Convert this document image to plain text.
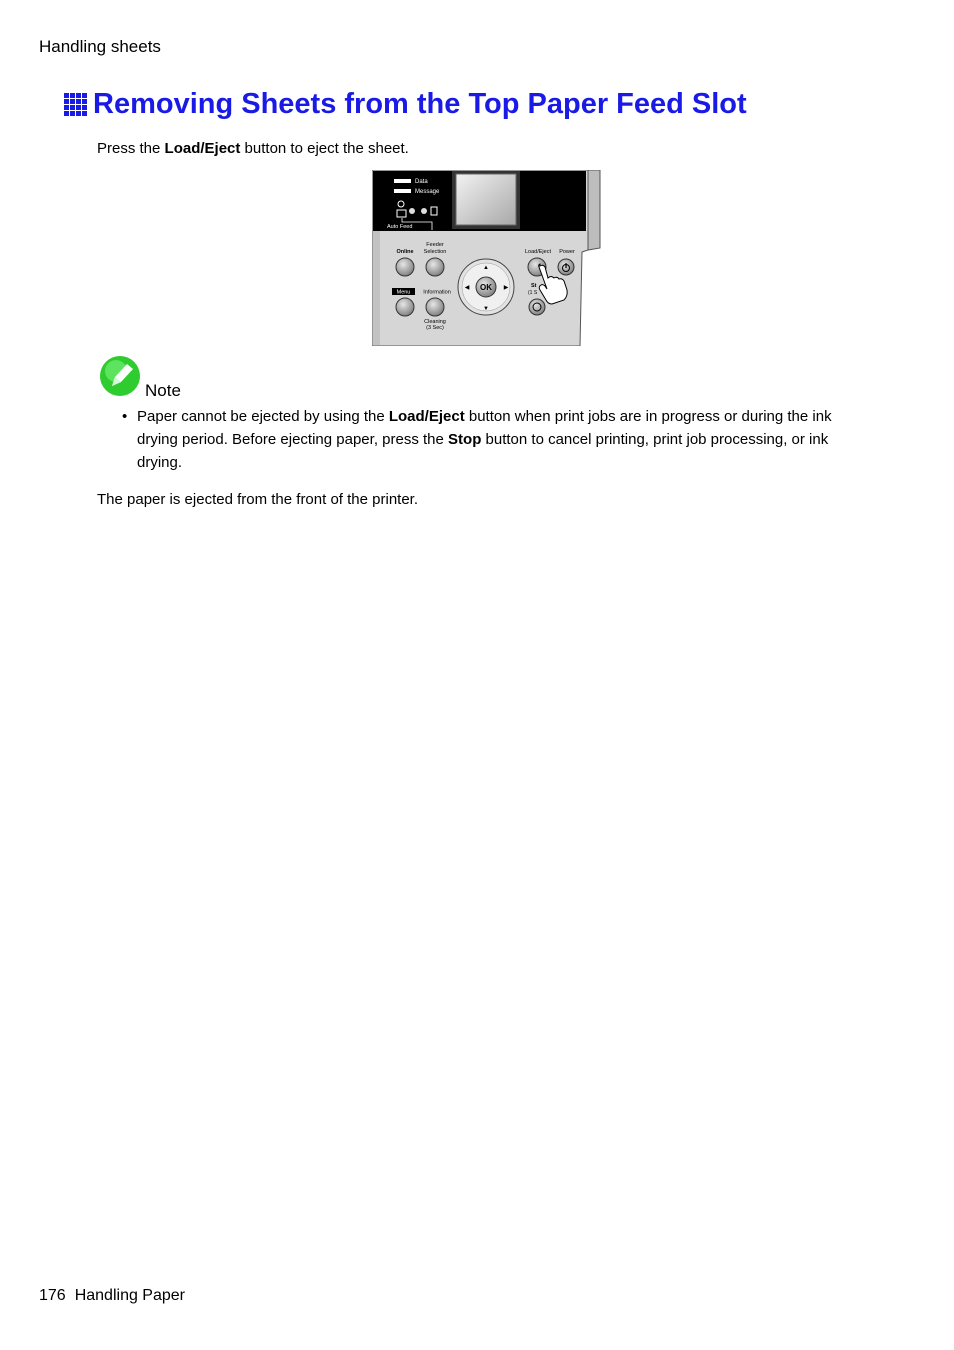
Handling sheets
Removing Sheets from the Top Paper Feed Slot
Press the Load/Eject button to eject the sheet.
Data
Message
Auto Feed
Online
Feeder
Selection
Menu Information
Cleaning
(3 Sec)
OK
▲
▼
◀	▶
Load/Eject Power
St
(1 S
Note
• Paper cannot be ejected by using the Load/Eject button when print jobs are in progress or during the ink drying period. Before ejecting paper, press the Stop button to cancel printing, print job processing, or ink drying.
The paper is ejected from the front of the printer.
176 Handling Paper
